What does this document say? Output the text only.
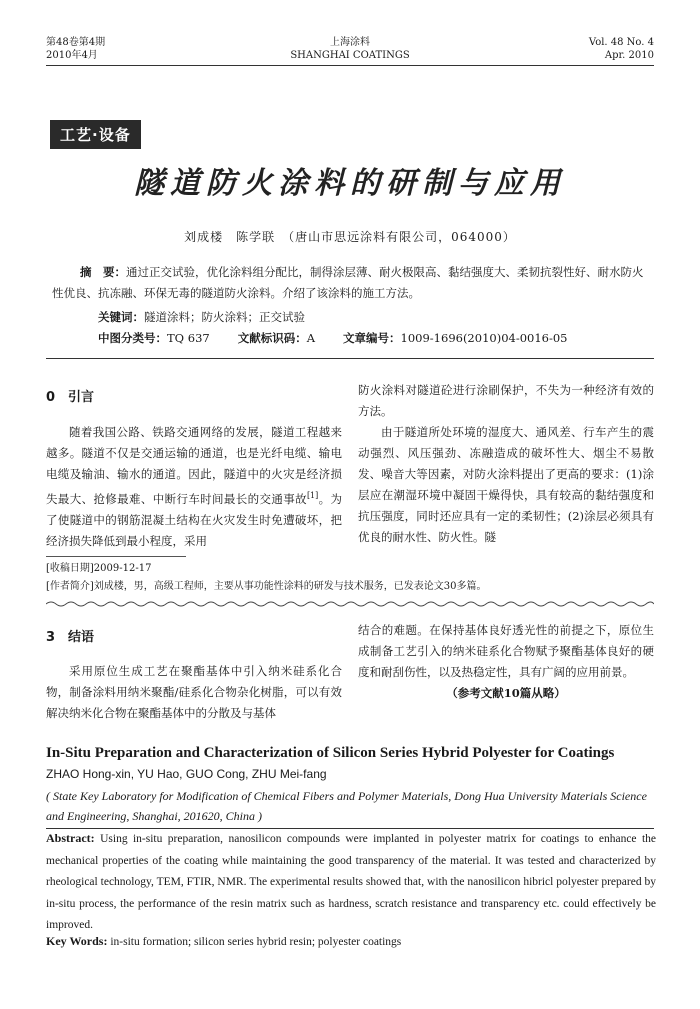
第48卷第4期
2010年4月
上海涂料
SHANGHAI COATINGS
Vol. 48 No. 4
Apr. 2010
工艺·设备
隧道防火涂料的研制与应用
刘成楼　陈学联　（唐山市思远涂料有限公司，064000）
摘　要：通过正交试验，优化涂料组分配比，制得涂层薄、耐火极限高、黏结强度大、柔韧抗裂性好、耐水防火性优良、抗冻融、环保无毒的隧道防火涂料。介绍了该涂料的施工方法。
关键词：隧道涂料；防火涂料；正交试验
中图分类号：TQ 637 文献标识码：A 文章编号：1009-1696(2010)04-0016-05
0　引言

随着我国公路、铁路交通网络的发展，隧道工程越来越多。隧道不仅是交通运输的通道，也是光纤电缆、输电电缆及输油、输水的通道。因此，隧道中的火灾是经济损失最大、抢修最难、中断行车时间最长的交通事故[1]。为了使隧道中的钢筋混凝土结构在火灾发生时免遭破坏，把经济损失降低到最小程度，采用

防火涂料对隧道砼进行涂刷保护，不失为一种经济有效的方法。

由于隧道所处环境的湿度大、通风差、行车产生的震动强烈、风压强劲、冻融造成的破坏性大、烟尘不易散发、噪音大等因素，对防火涂料提出了更高的要求：(1)涂层应在潮湿环境中凝固干燥得快，具有较高的黏结强度和抗压强度，同时还应具有一定的柔韧性；(2)涂层必须具有优良的耐水性、防火性。隧

[收稿日期]2009-12-17
[作者简介]刘成楼，男，高级工程师，主要从事功能性涂料的研发与技术服务，已发表论文30多篇。
3　结语

采用原位生成工艺在聚酯基体中引入纳米硅系化合物，制备涂料用纳米聚酯/硅系化合物杂化树脂，可以有效解决纳米化合物在聚酯基体中的分散及与基体

结合的难题。在保持基体良好透光性的前提之下，原位生成制备工艺引入的纳米硅系化合物赋予聚酯基体良好的硬度和耐刮伤性，以及热稳定性，具有广阔的应用前景。

（参考文献10篇从略）

In-Situ Preparation and Characterization of Silicon Series Hybrid Polyester for Coatings
ZHAO Hong-xin, YU Hao, GUO Cong, ZHU Mei-fang
( State Key Laboratory for Modification of Chemical Fibers and Polymer Materials, Dong Hua University Materials Science and Engineering, Shanghai, 201620, China )
Abstract: Using in-situ preparation, nanosilicon compounds were implanted in polyester matrix for coatings to enhance the mechanical properties of the coating while maintaining the good transparency of the material. It was tested and characterized by rheological technology, TEM, FTIR, NMR. The experimental results showed that, with the nanosilicon hibricl polyester prepared by in-situ process, the performance of the resin matrix such as hardness, scratch resistance and transparency etc. could effectively be improved.
Key Words: in-situ formation; silicon series hybrid resin; polyester coatings
